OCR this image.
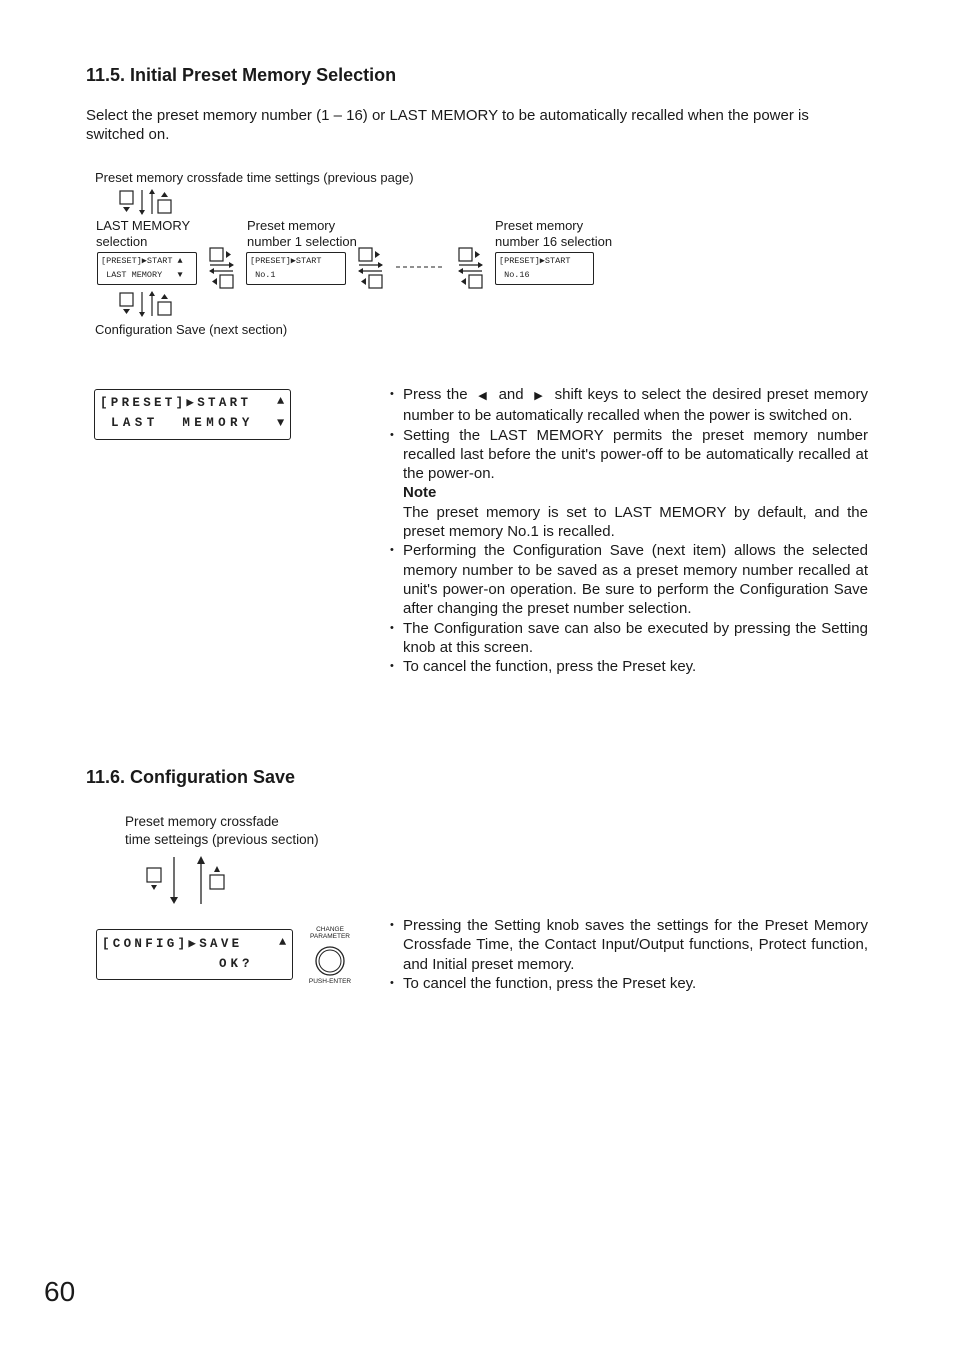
11.5. Initial Preset Memory Selection
Select the preset memory number (1 – 16) or LAST MEMORY to be automatically recalled when the power is switched on.
Preset memory crossfade time settings (previous page)
LAST MEMORY
selection
Preset memory
number 1 selection
Preset memory
number 16 selection
[PRESET]▶START ▲
LAST MEMORY   ▼
[PRESET]▶START
No.1
[PRESET]▶START
No.16
Configuration Save (next section)
[PRESET]▶START ▲
LAST  MEMORY ▼
• Press the ◀ and ▶ shift keys to select the desired preset memory number to be automatically recalled when the power is switched on.
• Setting the LAST MEMORY permits the preset memory number recalled last before the unit's power-off to be automatically recalled at the power-on.
Note
The preset memory is set to LAST MEMORY by default, and the preset memory No.1 is recalled.
• Performing the Configuration Save (next item) allows the selected memory number to be saved as a preset memory number recalled at unit's power-on operation. Be sure to perform the Configuration Save after changing the preset number selection.
• The Configuration save can also be executed by pressing the Setting knob at this screen.
• To cancel the function, press the Preset key.
11.6. Configuration Save
Preset memory crossfade
time setteings (previous section)
[CONFIG]▶SAVE	▲
OK?
CHANGE
PARAMETER
PUSH-ENTER
• Pressing the Setting knob saves the settings for the Preset Memory Crossfade Time, the Contact Input/Output functions, Protect function, and Initial preset memory.
• To cancel the function, press the Preset key.
60
